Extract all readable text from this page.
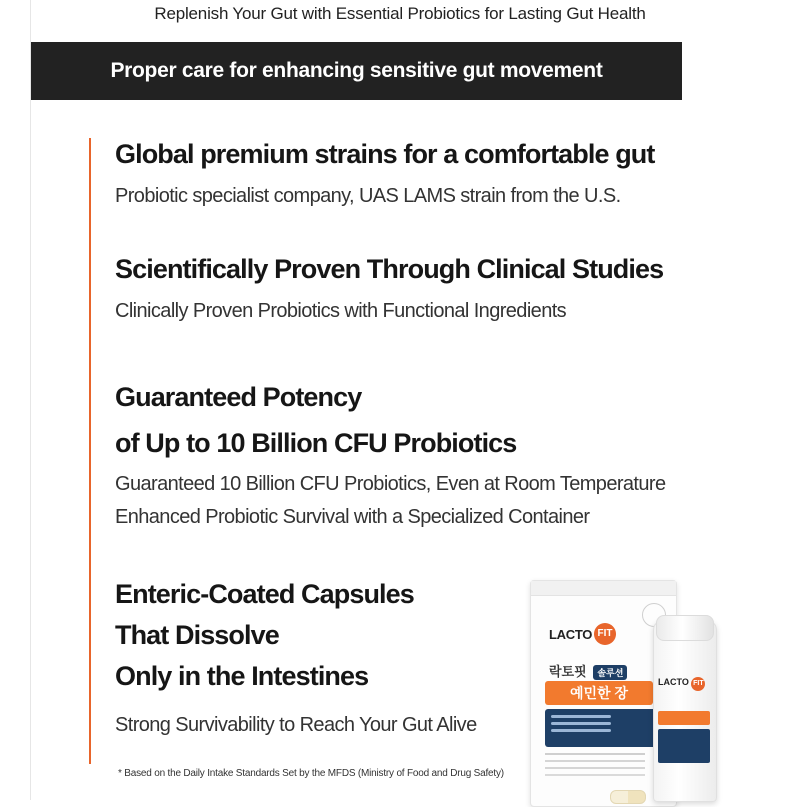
Replenish Your Gut with Essential Probiotics for Lasting Gut Health
Proper care for enhancing sensitive gut movement

Global premium strains for a comfortable gut

Probiotic specialist company, UAS LAMS strain from the U.S.

Scientifically Proven Through Clinical Studies

Clinically Proven Probiotics with Functional Ingredients

Guaranteed Potency

of Up to 10 Billion CFU Probiotics

Guaranteed 10 Billion CFU Probiotics, Even at Room Temperature

Enhanced Probiotic Survival with a Specialized Container

Enteric-Coated Capsules

That Dissolve

Only in the Intestines

Strong Survivability to Reach Your Gut Alive

LACTO FIT
락토핏 솔루션
예민한 장
LACTO FIT
* Based on the Daily Intake Standards Set by the MFDS (Ministry of Food and Drug Safety)
